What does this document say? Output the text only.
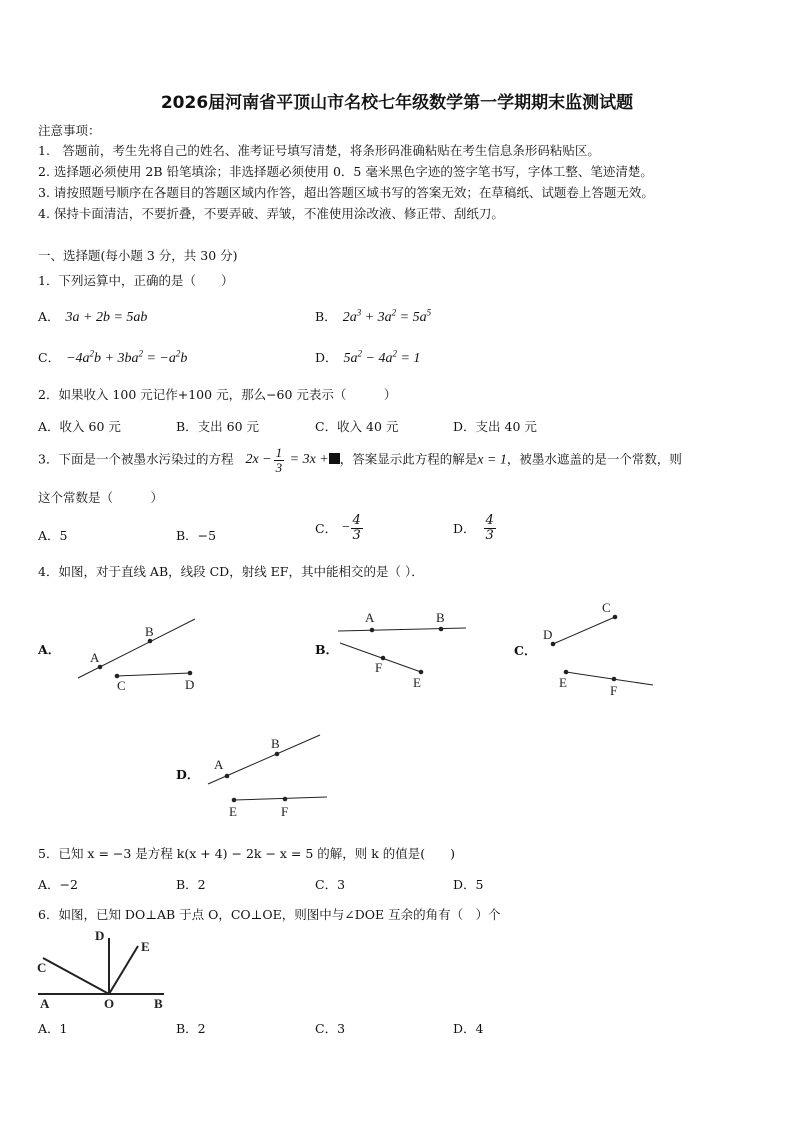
2026届河南省平顶山市名校七年级数学第一学期期末监测试题
注意事项：
1.　答题前，考生先将自己的姓名、准考证号填写清楚，将条形码准确粘贴在考生信息条形码粘贴区。
2. 选择题必须使用 2B 铅笔填涂；非选择题必须使用 0．5 毫米黑色字迹的签字笔书写，字体工整、笔迹清楚。
3. 请按照题号顺序在各题目的答题区域内作答，超出答题区域书写的答案无效；在草稿纸、试题卷上答题无效。
4. 保持卡面清洁，不要折叠，不要弄破、弄皱，不准使用涂改液、修正带、刮纸刀。
一、选择题(每小题 3 分，共 30 分)
1．下列运算中，正确的是（　　）
A． 3a + 2b = 5ab	B． $2a^3 + 3a^2 = 5a^5$
C． $-4a^2b + 3ba^2 = -a^2b$	D． $5a^2 - 4a^2 = 1$
2．如果收入 100 元记作+100 元，那么−60 元表示（　　　）
A．收入 60 元	B．支出 60 元	C．收入 40 元	D．支出 40 元
3．下面是一个被墨水污染过的方程 $2x - \frac{1}{3} = 3x$ + ，答案显示此方程的解是x = 1，被墨水遮盖的是一个常数，则
这个常数是（　　　）
A．5	B．−5	C． − $\frac{4}{3}$	D． $\frac{4}{3}$
4．如图，对于直线 AB，线段 CD，射线 EF，其中能相交的是（ ）．
A．
A
B
C	D
B．
A	B
F
E
C．
D
C
E
F
D．
A
B
E	F
5．已知 x = −3 是方程 k(x + 4) − 2k − x = 5 的解，则 k 的值是(　　)
A．−2	B．2	C．3	D．5
6．如图，已知 DO⊥AB 于点 O，CO⊥OE，则图中与∠DOE 互余的角有（　）个
A	B
O
D
E
C
A．1	B．2	C．3	D．4
